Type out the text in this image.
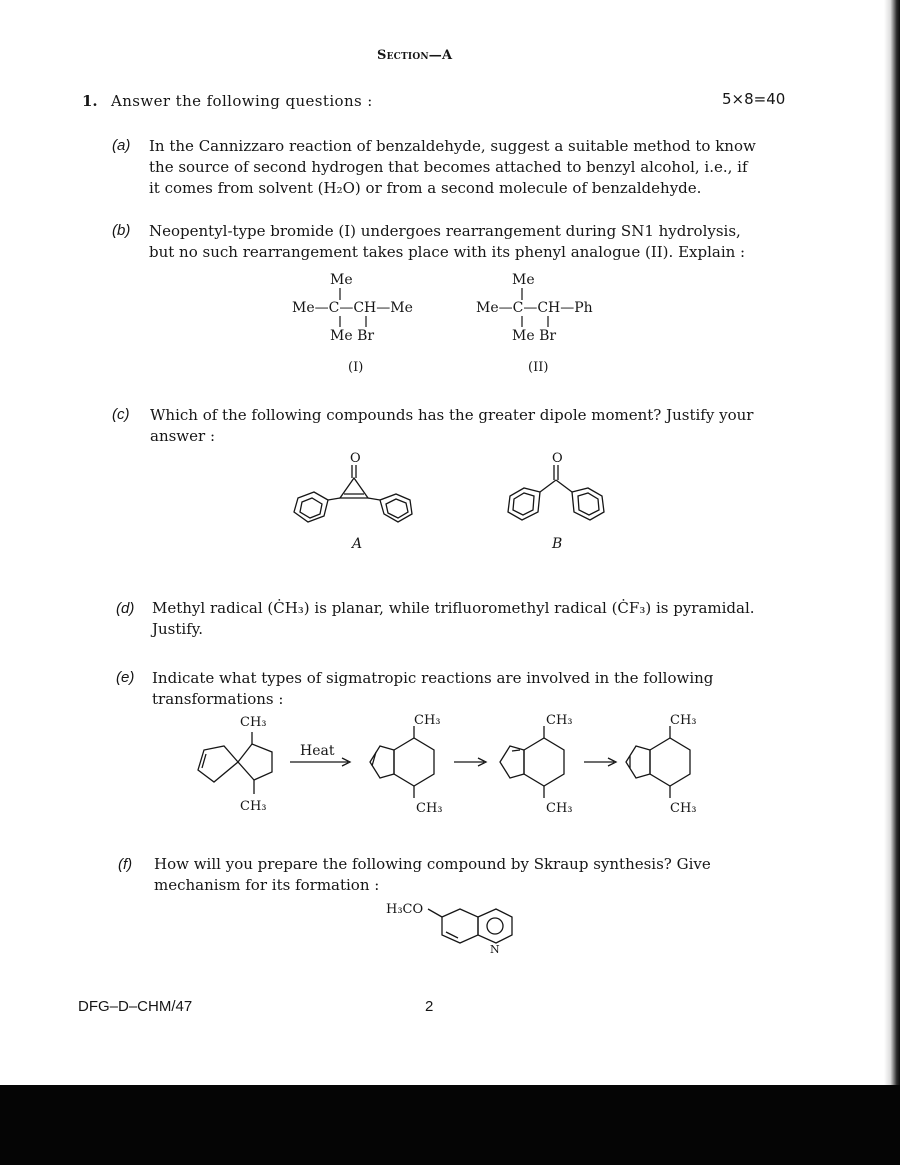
Section—A
1. Answer the following questions :	5×8=40
(a) In the Cannizzaro reaction of benzaldehyde, suggest a suitable method to know
the source of second hydrogen that becomes attached to benzyl alcohol, i.e., if
it comes from solvent (H₂O) or from a second molecule of benzaldehyde.
(b) Neopentyl-type bromide (I) undergoes rearrangement during SN1 hydrolysis,
but no such rearrangement takes place with its phenyl analogue (II). Explain :
Me
Me—C—CH—Me
Me Br
(I)
Me
Me—C—CH—Ph
Me Br
(II)
(c) Which of the following compounds has the greater dipole moment? Justify your
answer :
O
A
O
B
(d) Methyl radical (ĊH₃) is planar, while trifluoromethyl radical (ĊF₃) is pyramidal.
Justify.
(e) Indicate what types of sigmatropic reactions are involved in the following
transformations :
Heat
CH₃
CH₃
CH₃
CH₃
CH₃
CH₃
CH₃
CH₃
(f) How will you prepare the following compound by Skraup synthesis? Give
mechanism for its formation :
H₃CO
N
DFG–D–CHM/47	2
